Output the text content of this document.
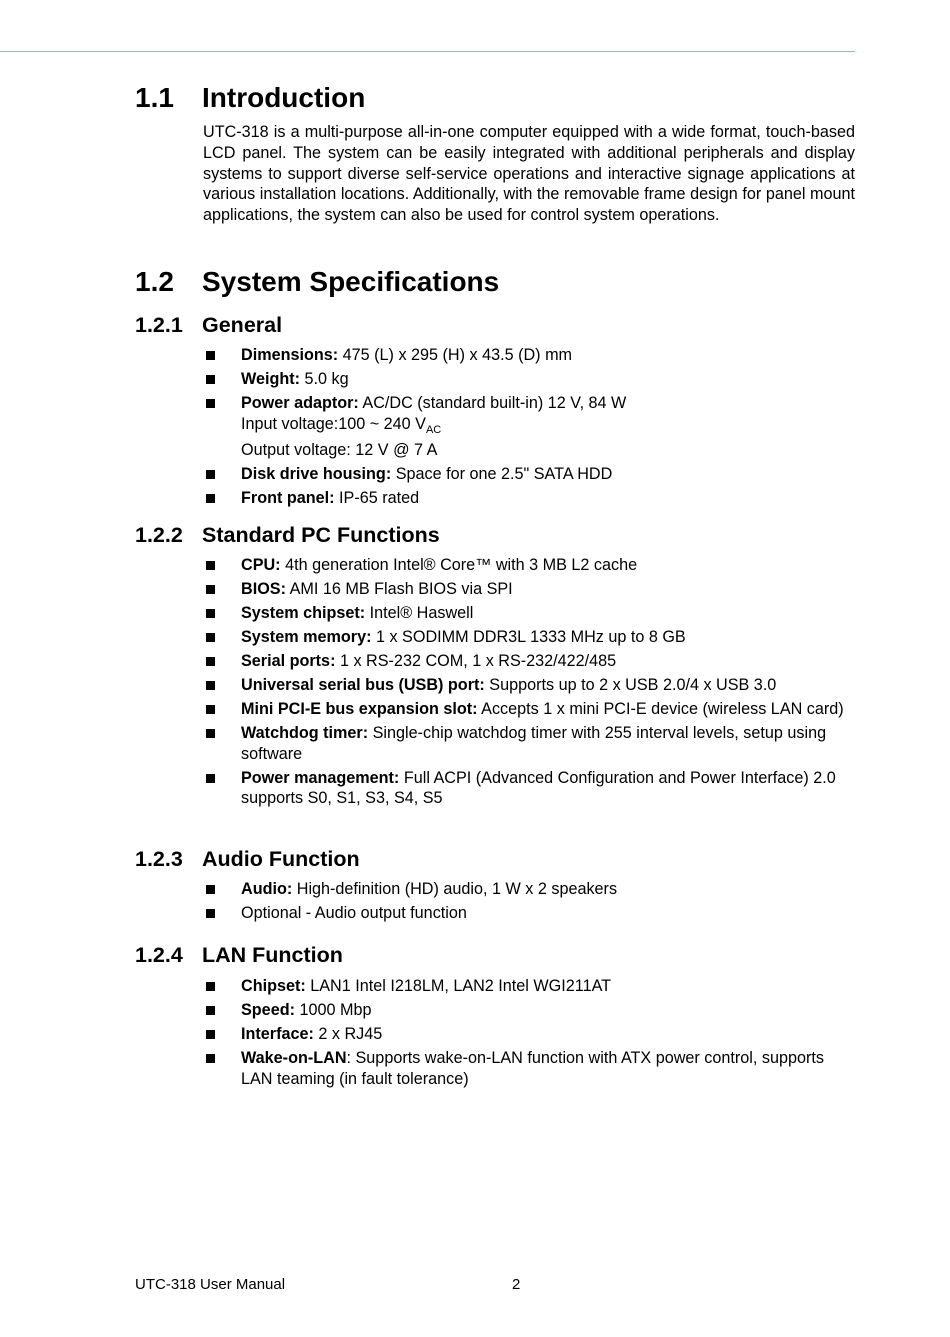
1.1 Introduction
UTC-318 is a multi-purpose all-in-one computer equipped with a wide format, touch-based LCD panel. The system can be easily integrated with additional peripherals and display systems to support diverse self-service operations and interactive signage applications at various installation locations. Additionally, with the removable frame design for panel mount applications, the system can also be used for control system operations.
1.2 System Specifications
1.2.1 General
Dimensions: 475 (L) x 295 (H) x 43.5 (D) mm
Weight: 5.0 kg
Power adaptor: AC/DC (standard built-in) 12 V, 84 W
Input voltage:100 ~ 240 $V_{AC}$
Output voltage: 12 V @ 7 A
Disk drive housing: Space for one 2.5" SATA HDD
Front panel: IP-65 rated
1.2.2 Standard PC Functions
CPU: 4th generation Intel® Core™ with 3 MB L2 cache
BIOS: AMI 16 MB Flash BIOS via SPI
System chipset: Intel® Haswell
System memory: 1 x SODIMM DDR3L 1333 MHz up to 8 GB
Serial ports: 1 x RS-232 COM, 1 x RS-232/422/485
Universal serial bus (USB) port: Supports up to 2 x USB 2.0/4 x USB 3.0
Mini PCI-E bus expansion slot: Accepts 1 x mini PCI-E device (wireless LAN card)
Watchdog timer: Single-chip watchdog timer with 255 interval levels, setup using software
Power management: Full ACPI (Advanced Configuration and Power Interface) 2.0 supports S0, S1, S3, S4, S5
1.2.3 Audio Function
Audio: High-definition (HD) audio, 1 W x 2 speakers
Optional - Audio output function
1.2.4 LAN Function
Chipset: LAN1 Intel I218LM, LAN2 Intel WGI211AT
Speed: 1000 Mbp
Interface: 2 x RJ45
Wake-on-LAN: Supports wake-on-LAN function with ATX power control, supports LAN teaming (in fault tolerance)
UTC-318 User Manual	2
